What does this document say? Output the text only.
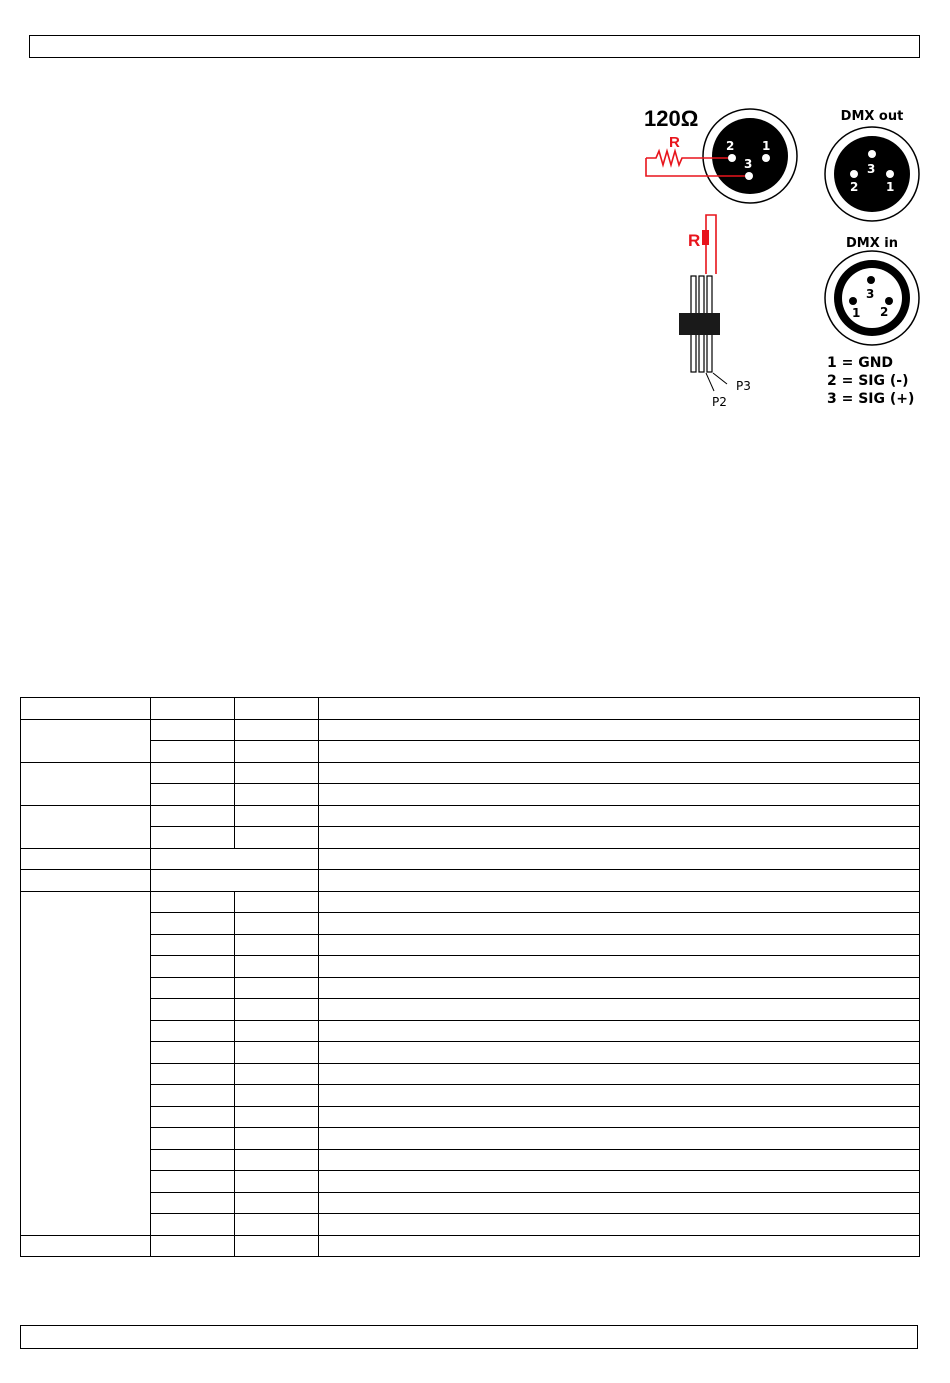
120Ω
R	2 1
3
DMX out
3
2 1
DMX in
3
1 2
1 = GND
2 = SIG (-)
3 = SIG (+)
R
P2
P3
